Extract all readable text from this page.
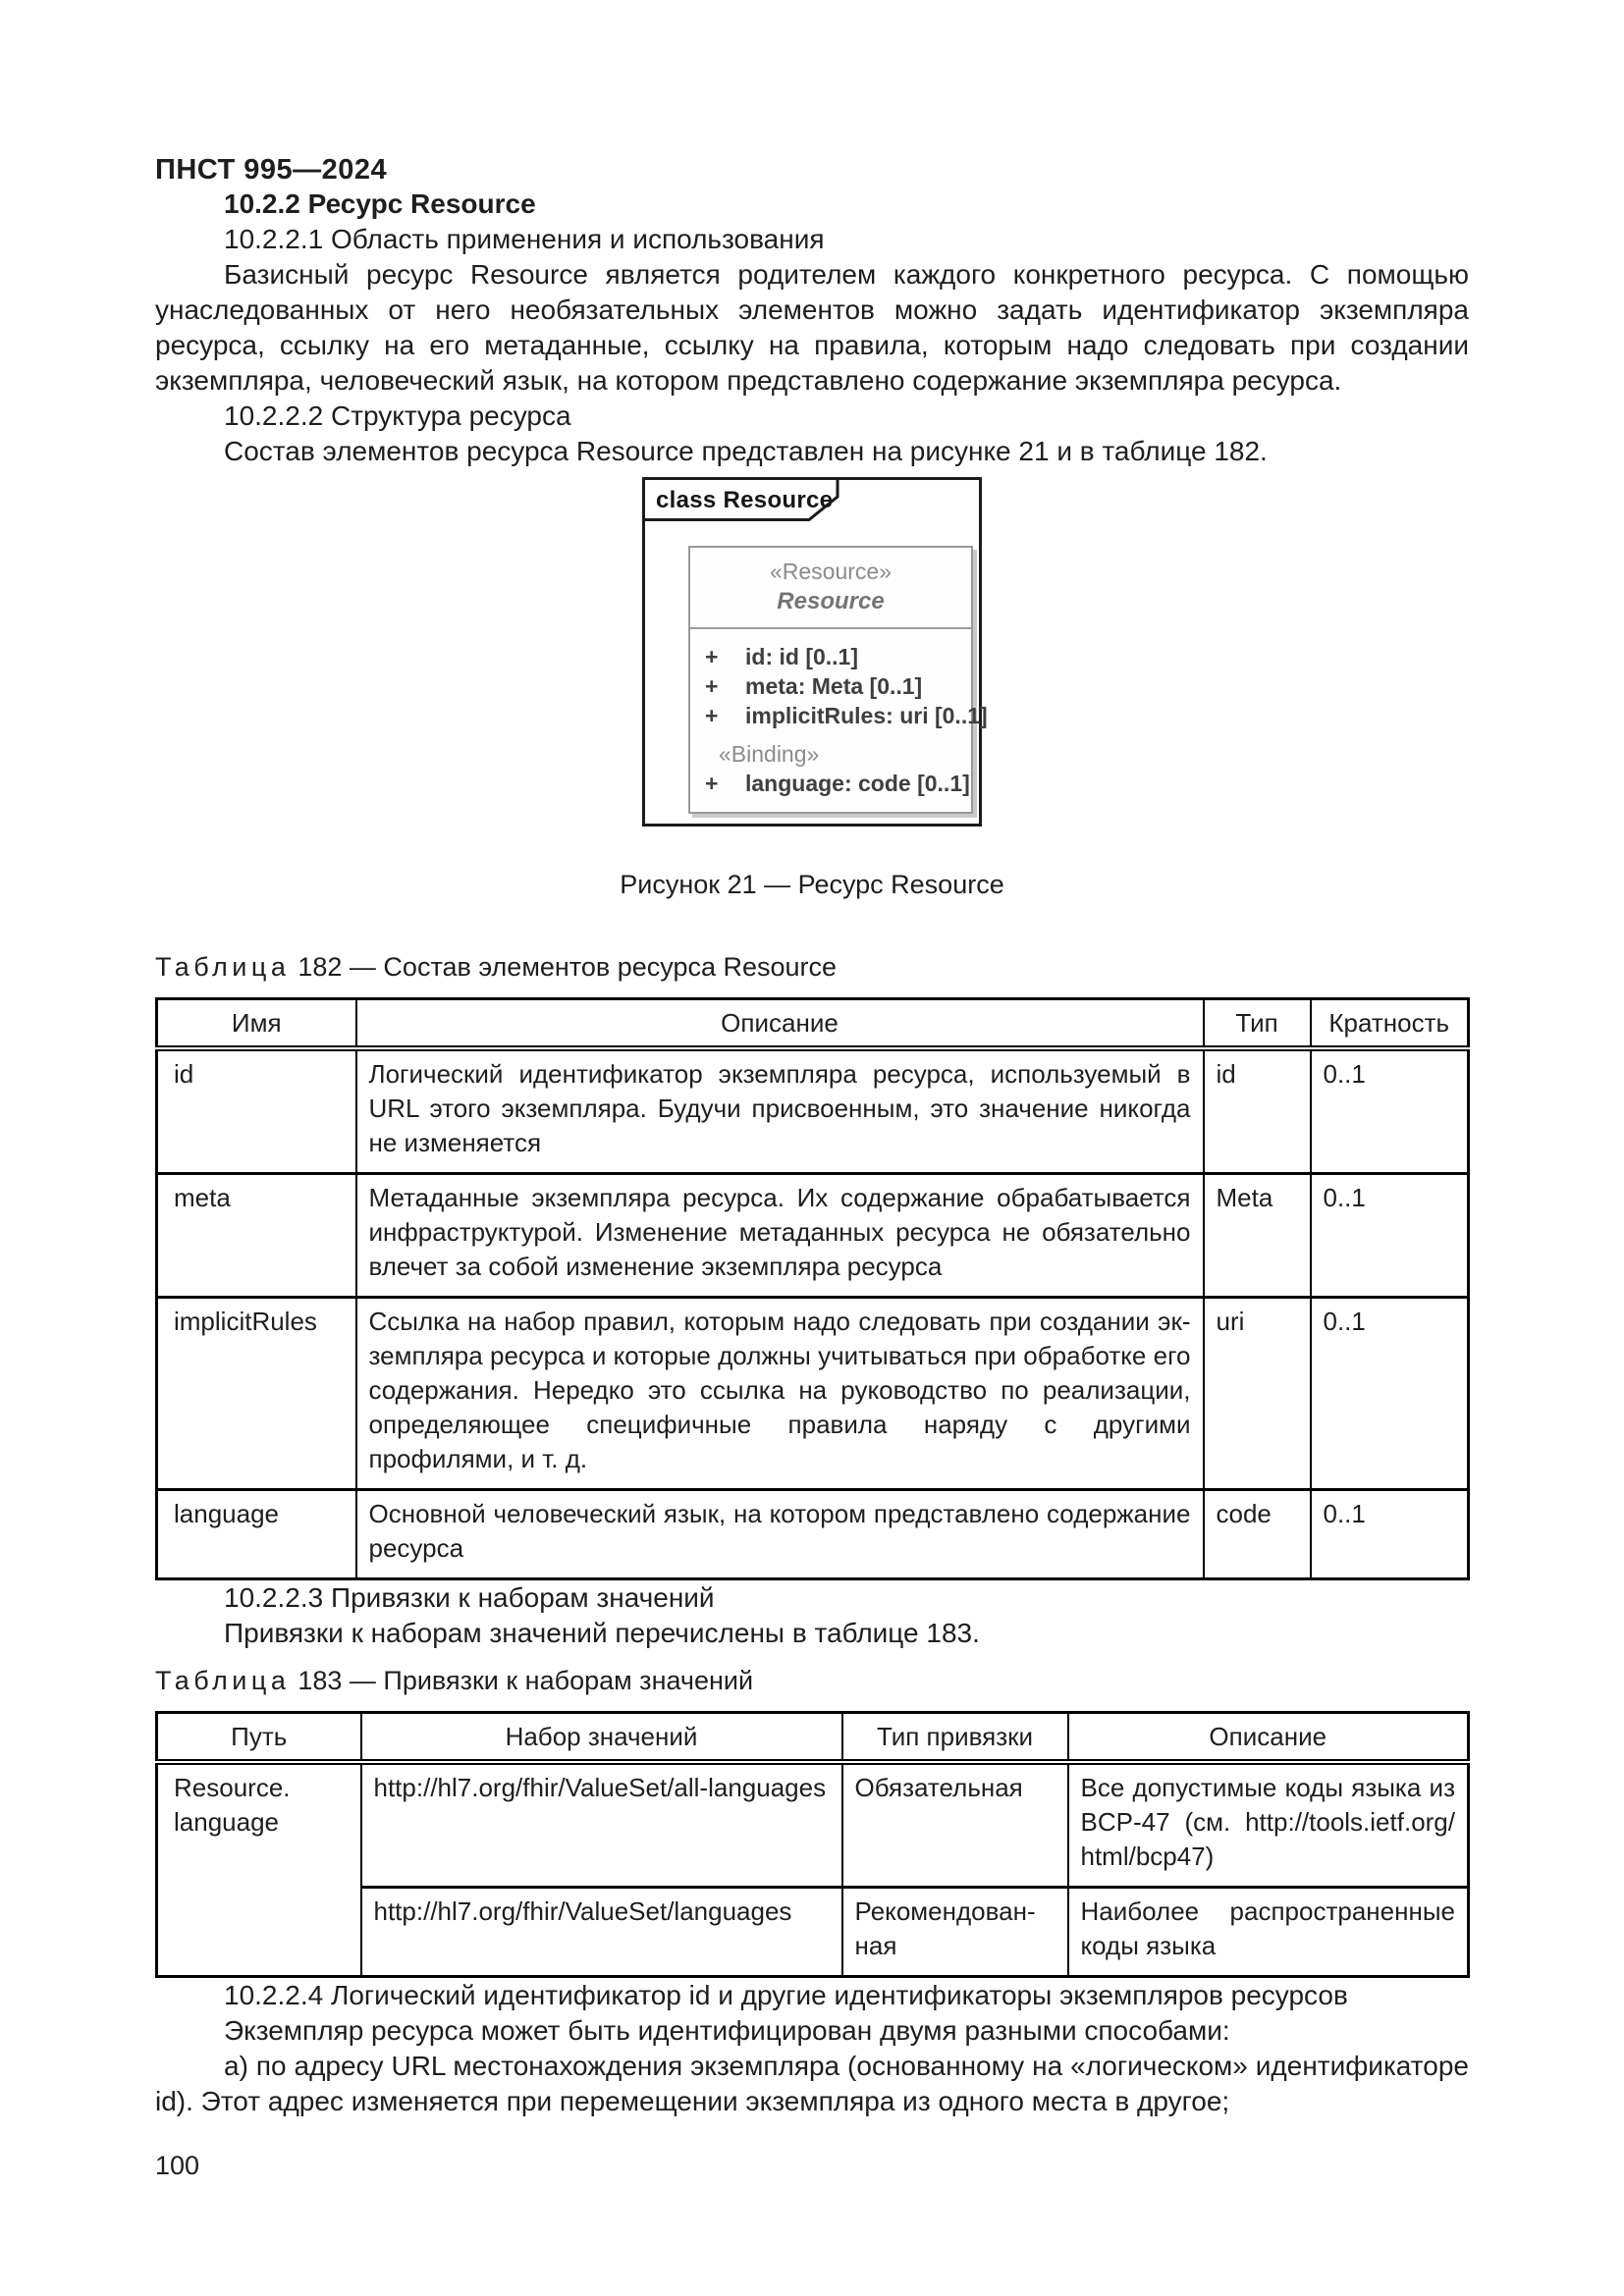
ПНСТ 995—2024

10.2.2 Ресурс Resource

10.2.2.1 Область применения и использования

Базисный ресурс Resource является родителем каждого конкретного ресурса. С помощью унаследованных от него необязательных элементов можно задать идентификатор экземпляра ресурса, ссылку на его метаданные, ссылку на правила, которым надо следовать при создании экземпляра, человеческий язык, на котором представлено содержание экземпляра ресурса.

10.2.2.2 Структура ресурса

Состав элементов ресурса Resource представлен на рисунке 21 и в таблице 182.

class Resource
«Resource»
Resource
+	id: id [0..1]
+	meta: Meta [0..1]
+	implicitRules: uri [0..1]
«Binding»
+	language: code [0..1]
Рисунок 21 — Ресурс Resource
Таблица 182 — Состав элементов ресурса Resource
Имя	Описание	Тип	Кратность
id	Логический идентификатор экземпляра ресурса, используемый в URL этого экземпляра. Будучи присвоенным, это значение никогда не изменяется	id	0..1
meta	Метаданные экземпляра ресурса. Их содержание обрабатывается инфраструктурой. Изменение метаданных ресурса не обязательно влечет за собой изменение экземпляра ресурса	Meta	0..1
implicitRules	Ссылка на набор правил, которым надо следовать при создании экземпляра ресурса и которые должны учитываться при обработке его содержания. Нередко это ссылка на руководство по реализации, определяющее специфичные правила наряду с другими профилями, и т. д.	uri	0..1
language	Основной человеческий язык, на котором представлено содержание ресурса	code	0..1

10.2.2.3 Привязки к наборам значений

Привязки к наборам значений перечислены в таблице 183.

Таблица 183 — Привязки к наборам значений
Путь	Набор значений	Тип привязки	Описание
Resource.​language	http://hl7.org/fhir/ValueSet/all-languages	Обязательная	Все допустимые коды языка из BCP-47 (см. http://tools.ietf.org/​html/bcp47)
	http://hl7.org/fhir/ValueSet/languages	Рекомендованная	Наиболее распространенные коды языка

10.2.2.4 Логический идентификатор id и другие идентификаторы экземпляров ресурсов

Экземпляр ресурса может быть идентифицирован двумя разными способами:

а) по адресу URL местонахождения экземпляра (основанному на «логическом» идентификаторе id). Этот адрес изменяется при перемещении экземпляра из одного места в другое;

100
